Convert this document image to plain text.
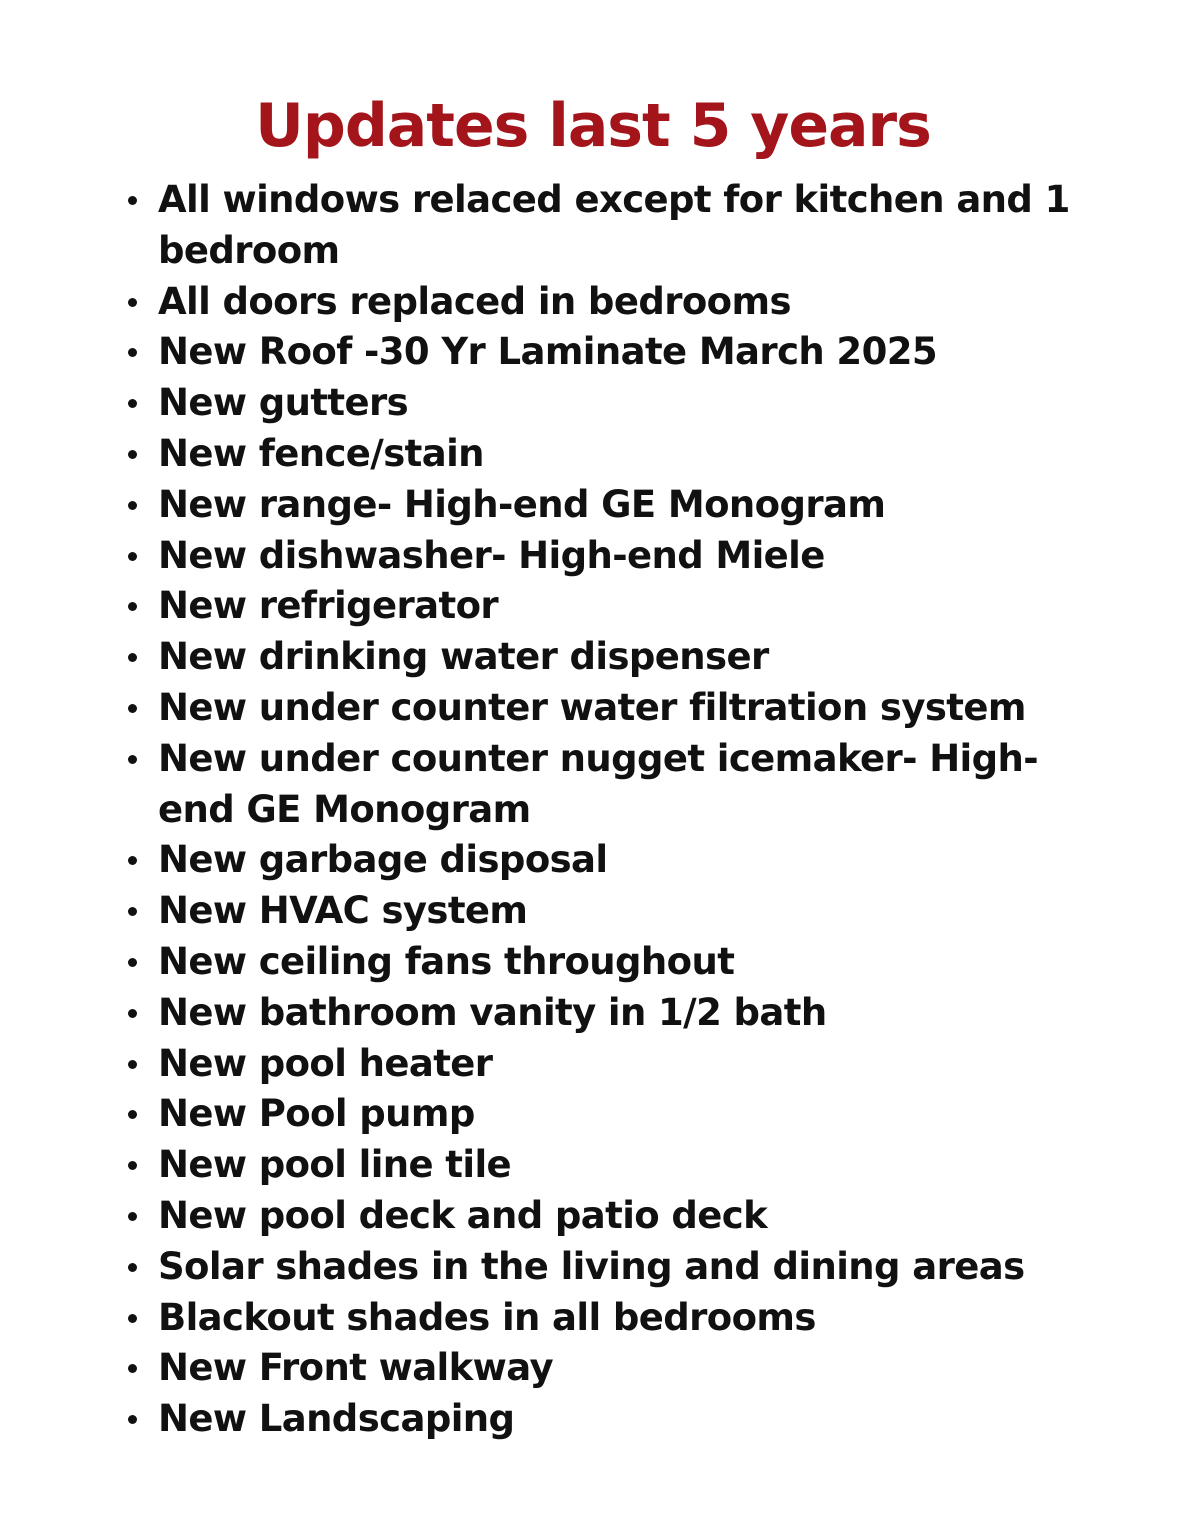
Updates last 5 years
All windows relaced except for kitchen and 1 bedroom
All doors replaced in bedrooms
New Roof -30 Yr Laminate March 2025
New gutters
New fence/stain
New range- High-end GE Monogram
New dishwasher- High-end Miele
New refrigerator
New drinking water dispenser
New under counter water filtration system
New under counter nugget icemaker- High-end GE Monogram
New garbage disposal
New HVAC system
New ceiling fans throughout
New bathroom vanity in 1/2 bath
New pool heater
New Pool pump
New pool line tile
New pool deck and patio deck
Solar shades in the living and dining areas
Blackout shades in all bedrooms
New Front walkway
New Landscaping
